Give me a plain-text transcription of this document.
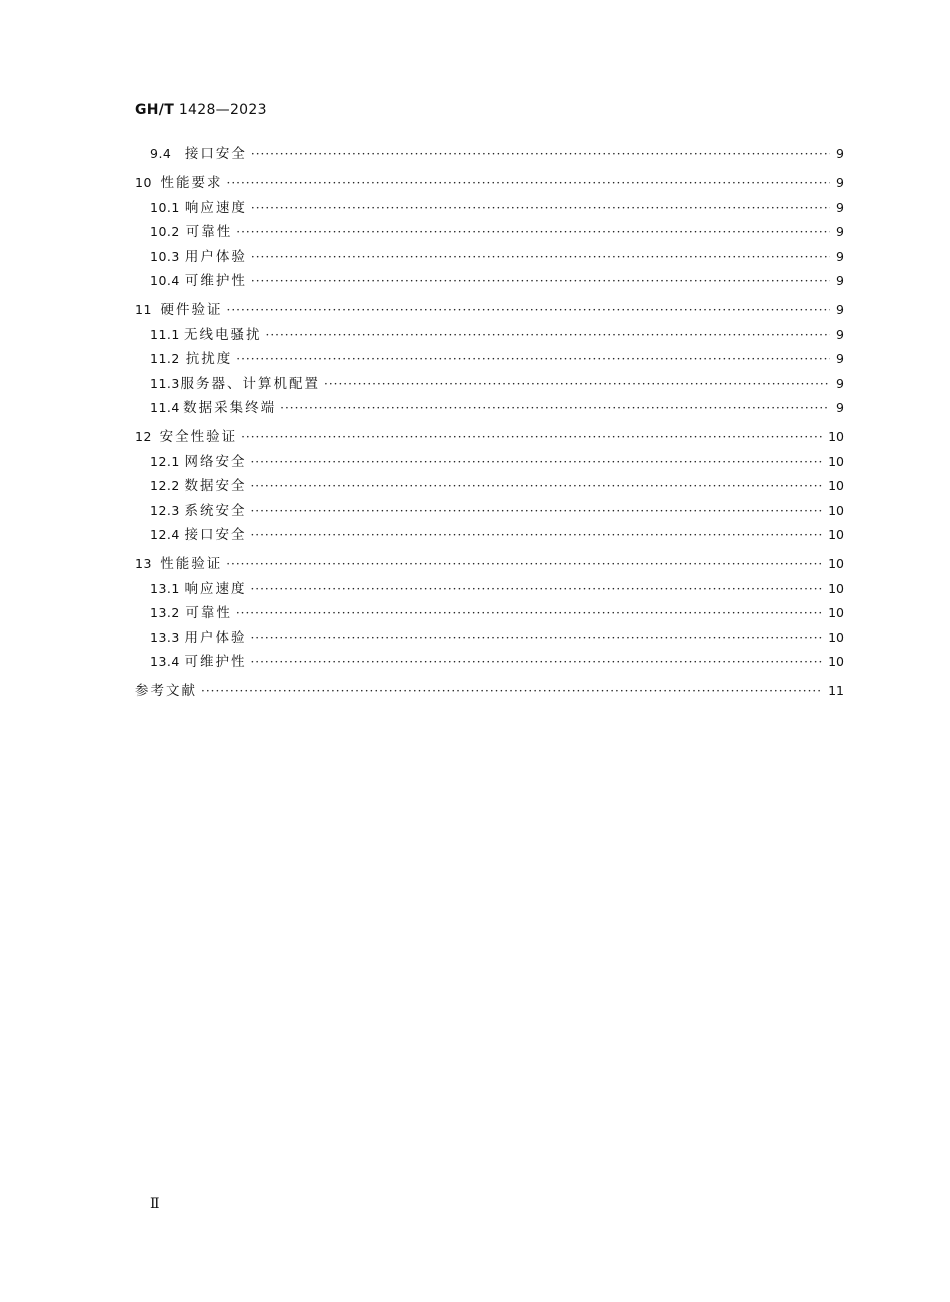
GH/T 1428—2023
9.4	接口安全 ·····	9
10 性能要求 ·····	9
10.1 响应速度 ·····	9
10.2 可靠性 ·····	9
10.3 用户体验 ·····	9
10.4 可维护性 ·····	9
11 硬件验证 ·····	9
11.1 无线电骚扰 ·····	9
11.2 抗扰度 ·····	9
11.3 服务器、计算机配置 ·····	9
11.4 数据采集终端 ·····	9
12 安全性验证 ·····	10
12.1 网络安全 ·····	10
12.2 数据安全 ·····	10
12.3 系统安全 ·····	10
12.4 接口安全 ·····	10
13 性能验证 ·····	10
13.1 响应速度 ·····	10
13.2 可靠性 ·····	10
13.3 用户体验 ·····	10
13.4 可维护性 ·····	10
参考文献 ·····	11
Ⅱ
